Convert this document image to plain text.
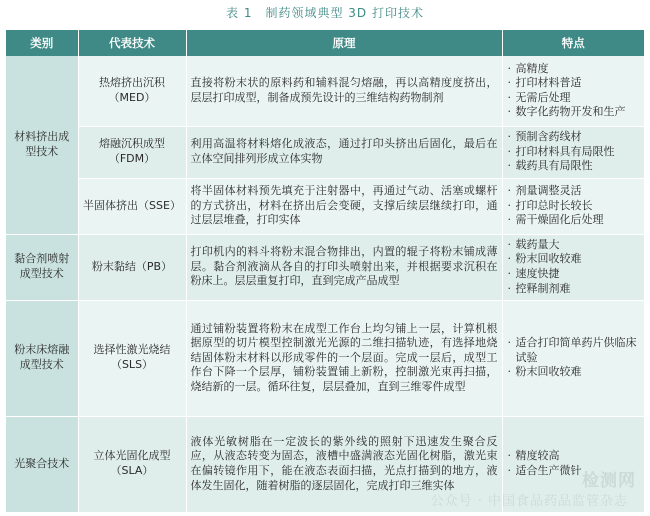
表 1　制药领域典型 3D 打印技术
类别	代表技术	原理	特点
材料挤出成型技术	热熔挤出沉积（MED）	直接将粉末状的原料药和辅料混匀熔融，再以高精度度挤出，层层打印成型，制备成预先设计的三维结构药物制剂	· 高精度
· 打印材料普适
· 无需后处理
· 数字化药物开发和生产

	熔融沉积成型（FDM）	利用高温将材料熔化成液态，通过打印头挤出后固化，最后在立体空间排列形成立体实物	· 预制含药线材
· 打印材料具有局限性
· 载药具有局限性

	半固体挤出（SSE）	将半固体材料预先填充于注射器中，再通过气动、活塞或螺杆的方式挤出，材料在挤出后会变硬，支撑后续层继续打印，通过层层堆叠，打印实体	· 剂量调整灵活
· 打印总时长较长
· 需干燥固化后处理

黏合剂喷射成型技术	粉末黏结（PB）	打印机内的料斗将粉末混合物排出，内置的辊子将粉末铺成薄层。黏合剂液滴从各自的打印头喷射出来，并根据要求沉积在粉床上。层层重复打印，直到完成产品成型	· 载药量大
· 粉末回收较难
· 速度快捷
· 控释制剂难

粉末床熔融成型技术	选择性激光烧结（SLS）	通过铺粉装置将粉末在成型工作台上均匀铺上一层，计算机根据原型的切片模型控制激光光源的二维扫描轨迹，有选择地烧结固体粉末材料以形成零件的一个层面。完成一层后，成型工作台下降一个层厚，铺粉装置铺上新粉，控制激光束再扫描，烧结新的一层。循环往复，层层叠加，直到三维零件成型	· 适合打印简单药片供临床试验
· 粉末回收较难

光聚合技术	立体光固化成型（SLA）	液体光敏树脂在一定波长的紫外线的照射下迅速发生聚合反应，从液态转变为固态，液槽中盛满液态光固化树脂，激光束在偏转镜作用下，能在液态表面扫描，光点打描到的地方，液体发生固化，随着树脂的逐层固化，完成打印三维实体	· 精度较高
· 适合生产微针
检测网
公众号 · 中国食品药品监管杂志
